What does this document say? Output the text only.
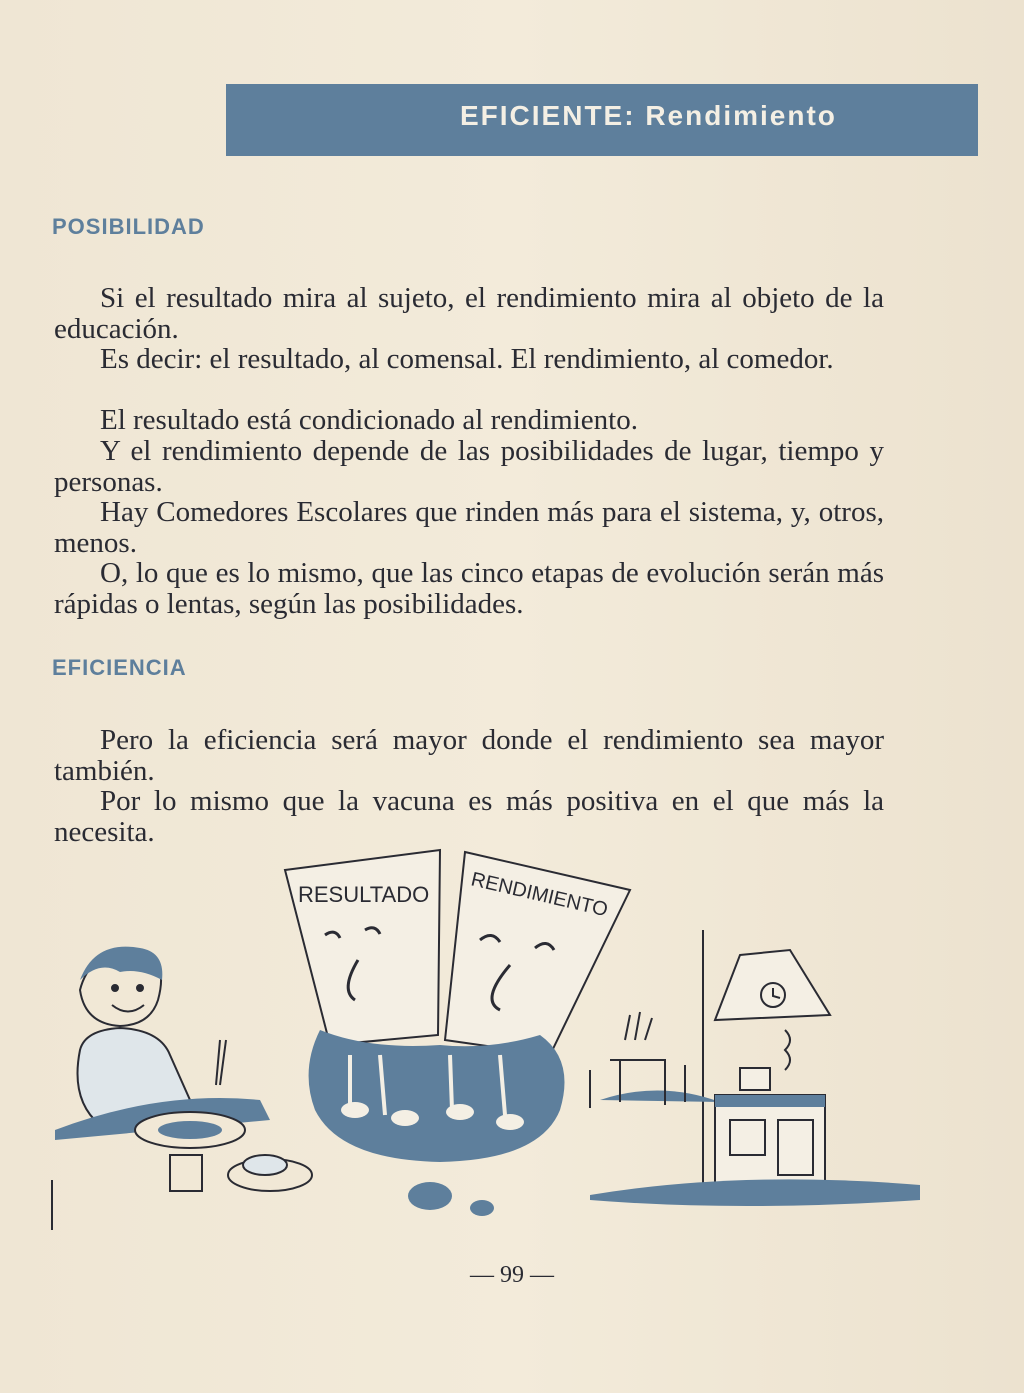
EFICIENTE: Rendimiento
POSIBILIDAD

Si el resultado mira al sujeto, el rendimiento mira al objeto de la educación.

Es decir: el resultado, al comensal. El rendimiento, al comedor.

El resultado está condicionado al rendimiento.

Y el rendimiento depende de las posibilidades de lugar, tiempo y personas.

Hay Comedores Escolares que rinden más para el sistema, y, otros, menos.

O, lo que es lo mismo, que las cinco etapas de evolución serán más rápidas o lentas, según las posibilidades.

EFICIENCIA

Pero la eficiencia será mayor donde el rendimiento sea mayor también.

Por lo mismo que la vacuna es más positiva en el que más la necesita.

RESULTADO RENDIMIENTO
— 99 —
